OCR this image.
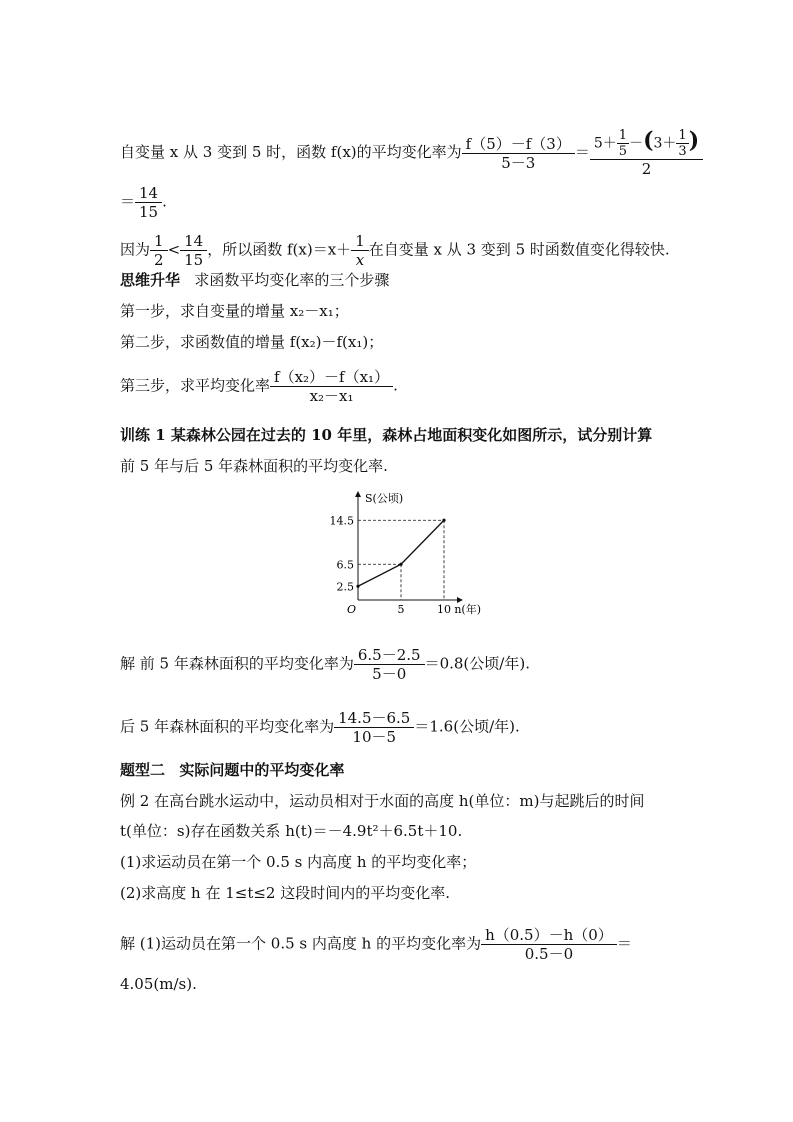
自变量 x 从 3 变到 5 时，函数 f(x)的平均变化率为 $\frac{f(5)-f(3)}{5-3} = \frac{5+ \frac{1}{5} -(3+ \frac{1}{3} )}{2}$
＝ $\frac{14}{15}$ .
因为 $\frac{1}{2} < \frac{14}{15}$ ，所以函数 $f(x)=x+ \frac{1}{x}$ 在自变量 x 从 3 变到 5 时函数值变化得较快.
思维升华 求函数平均变化率的三个步骤
第一步，求自变量的增量 x₂－x₁；
第二步，求函数值的增量 f(x₂)－f(x₁)；
第三步，求平均变化率 $\frac{\text{f（x₂）－f（x₁）}}{\text{x₂－x₁}}$ .
训练 1 某森林公园在过去的 10 年里，森林占地面积变化如图所示，试分别计算
前 5 年与后 5 年森林面积的平均变化率.
2.5
6.5
14.5
5	10
O
S(公顷)
n(年)
解 前 5 年森林面积的平均变化率为 $\frac{6.5-2.5}{5-0} =0.8$(公顷/年).
后 5 年森林面积的平均变化率为 $\frac{14.5-6.5}{10-5} =1.6$(公顷/年).
题型二 实际问题中的平均变化率
例 2 在高台跳水运动中，运动员相对于水面的高度 h(单位：m)与起跳后的时间
t(单位：s)存在函数关系 h(t)＝－4.9t²＋6.5t＋10.
(1)求运动员在第一个 0.5 s 内高度 h 的平均变化率；
(2)求高度 h 在 1≤t≤2 这段时间内的平均变化率.
解 (1)运动员在第一个 0.5 s 内高度 h 的平均变化率为 $\frac{h(0.5)-h(0)}{0.5-0}$ ＝
4.05(m/s).
